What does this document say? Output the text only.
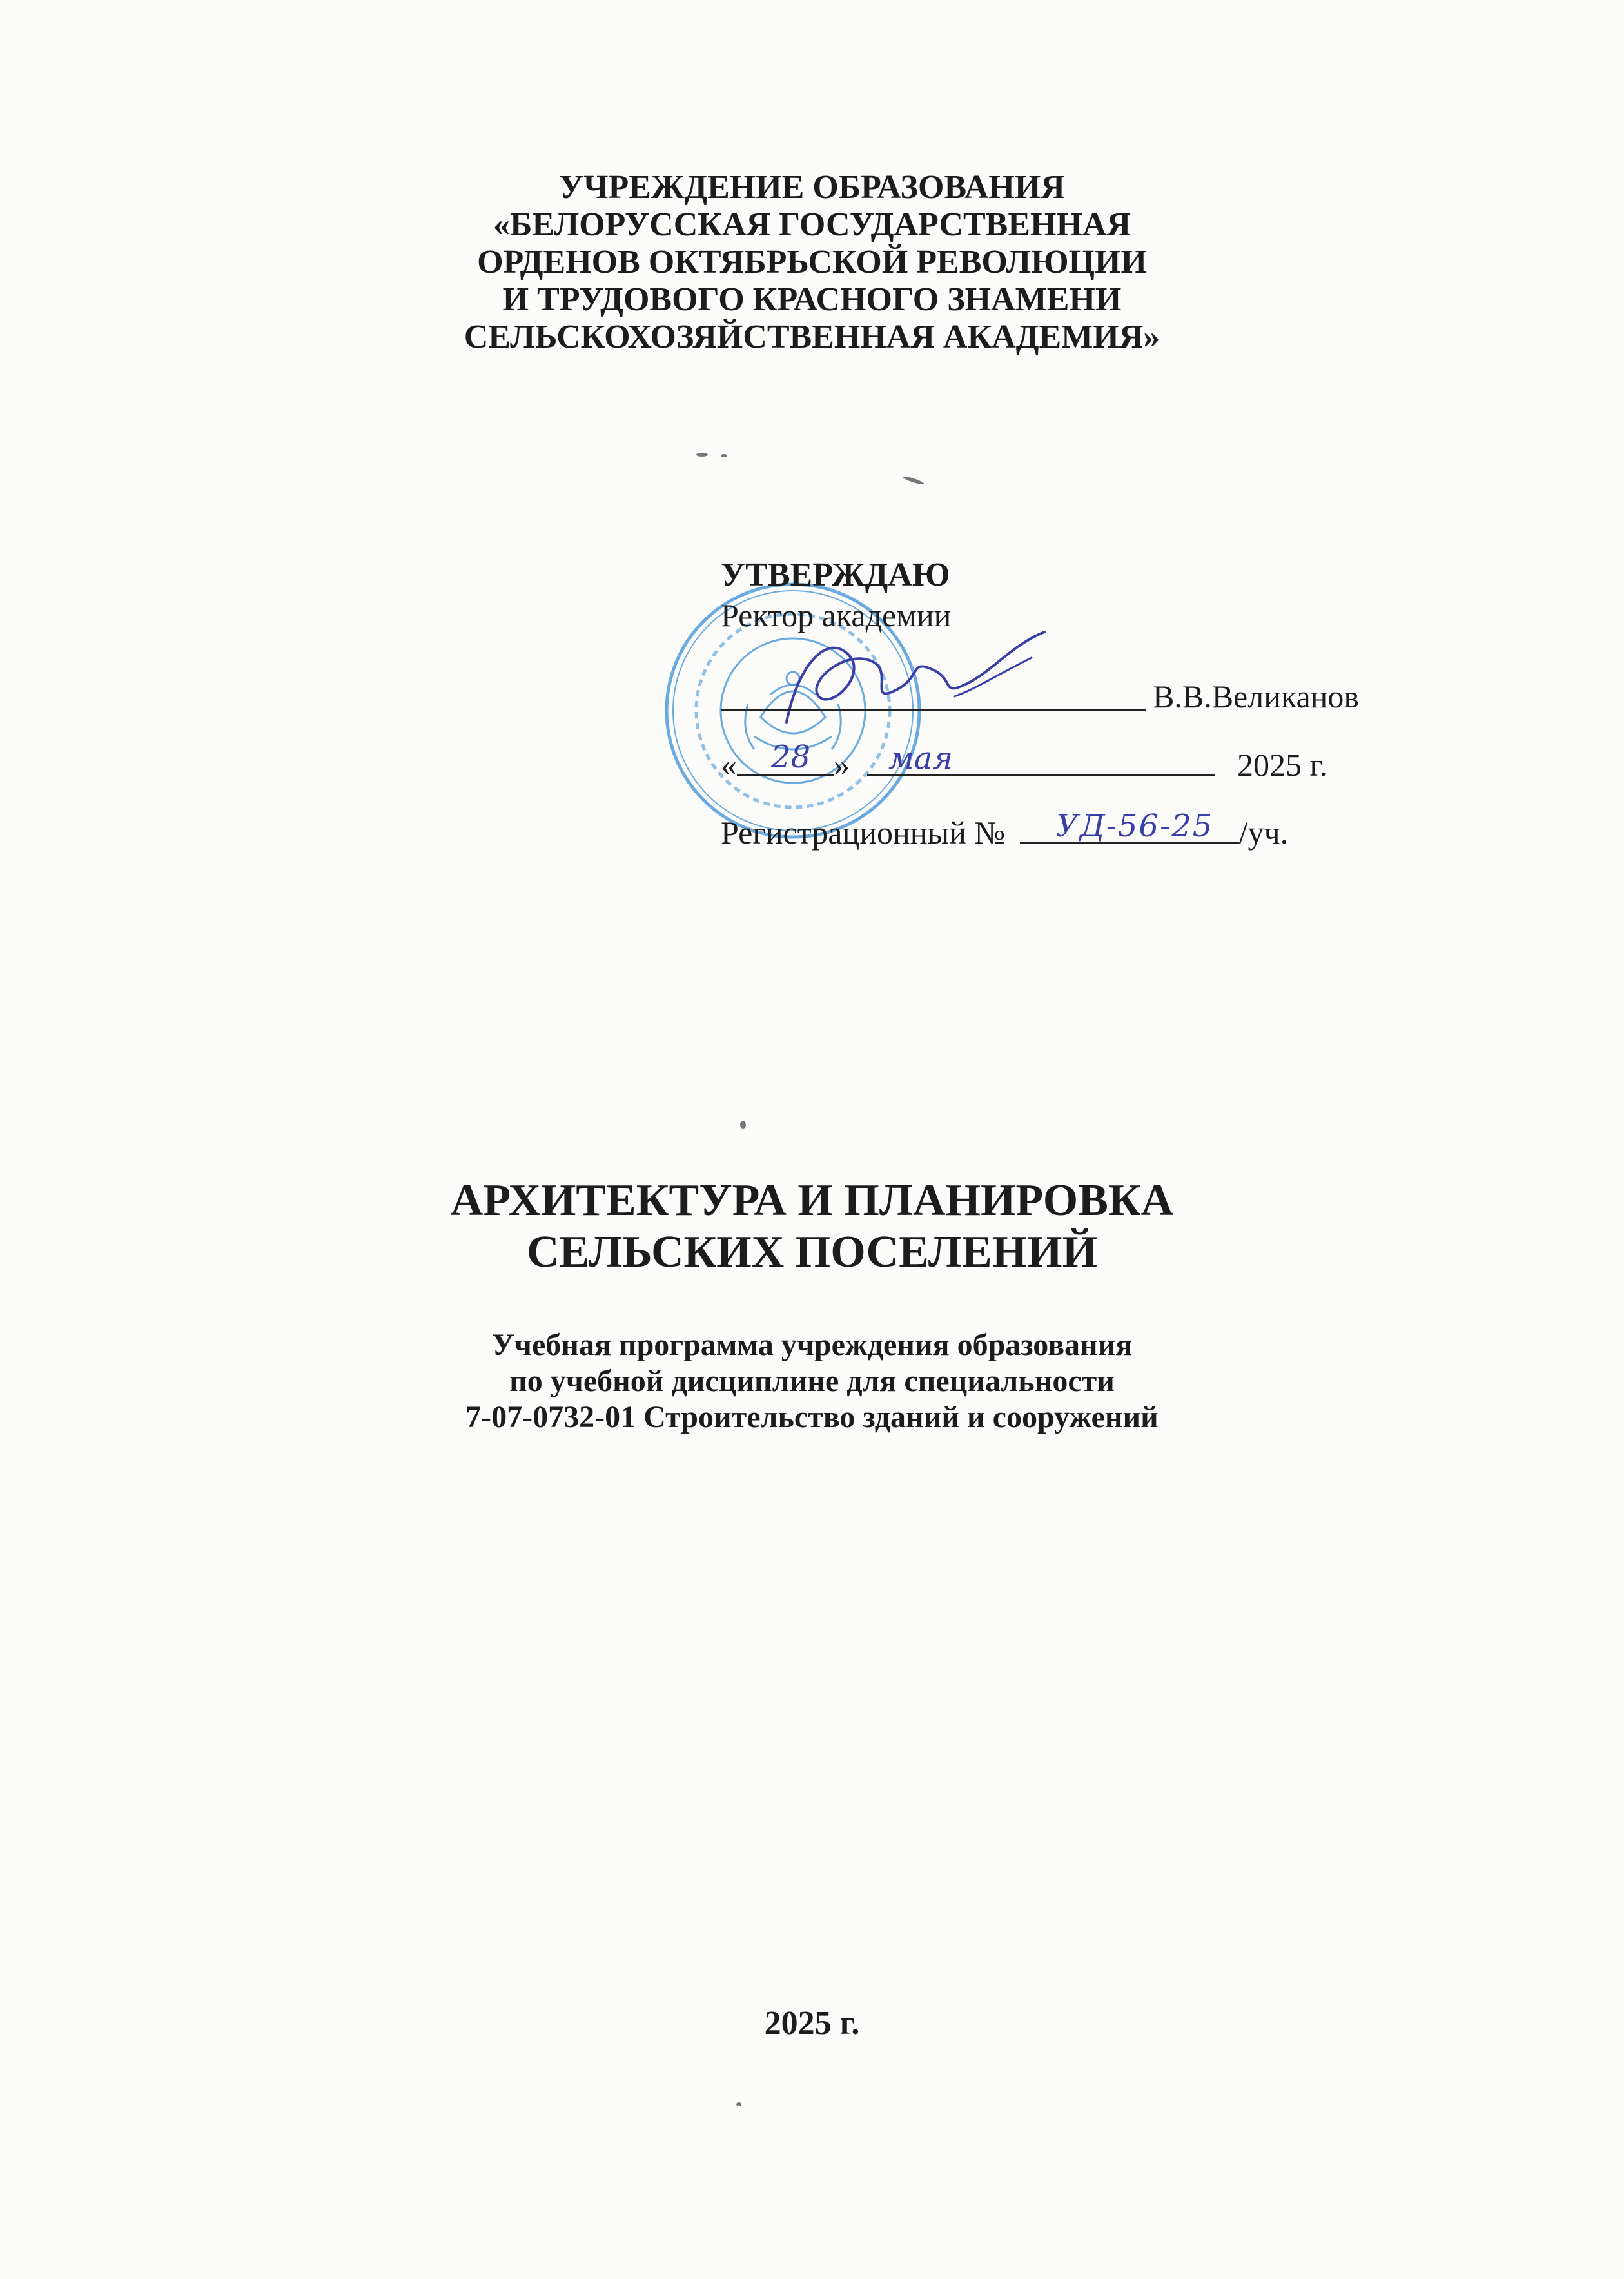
УЧРЕЖДЕНИЕ ОБРАЗОВАНИЯ
«БЕЛОРУССКАЯ ГОСУДАРСТВЕННАЯ
ОРДЕНОВ ОКТЯБРЬСКОЙ РЕВОЛЮЦИИ
И ТРУДОВОГО КРАСНОГО ЗНАМЕНИ
СЕЛЬСКОХОЗЯЙСТВЕННАЯ АКАДЕМИЯ»
УТВЕРЖДАЮ
Ректор академии
В.В.Великанов
«	»	2025 г.
28	мая
Регистрационный №	/уч.
УД-56-25
АРХИТЕКТУРА И ПЛАНИРОВКА
СЕЛЬСКИХ ПОСЕЛЕНИЙ
Учебная программа учреждения образования
по учебной дисциплине для специальности
7-07-0732-01 Строительство зданий и сооружений
2025 г.
